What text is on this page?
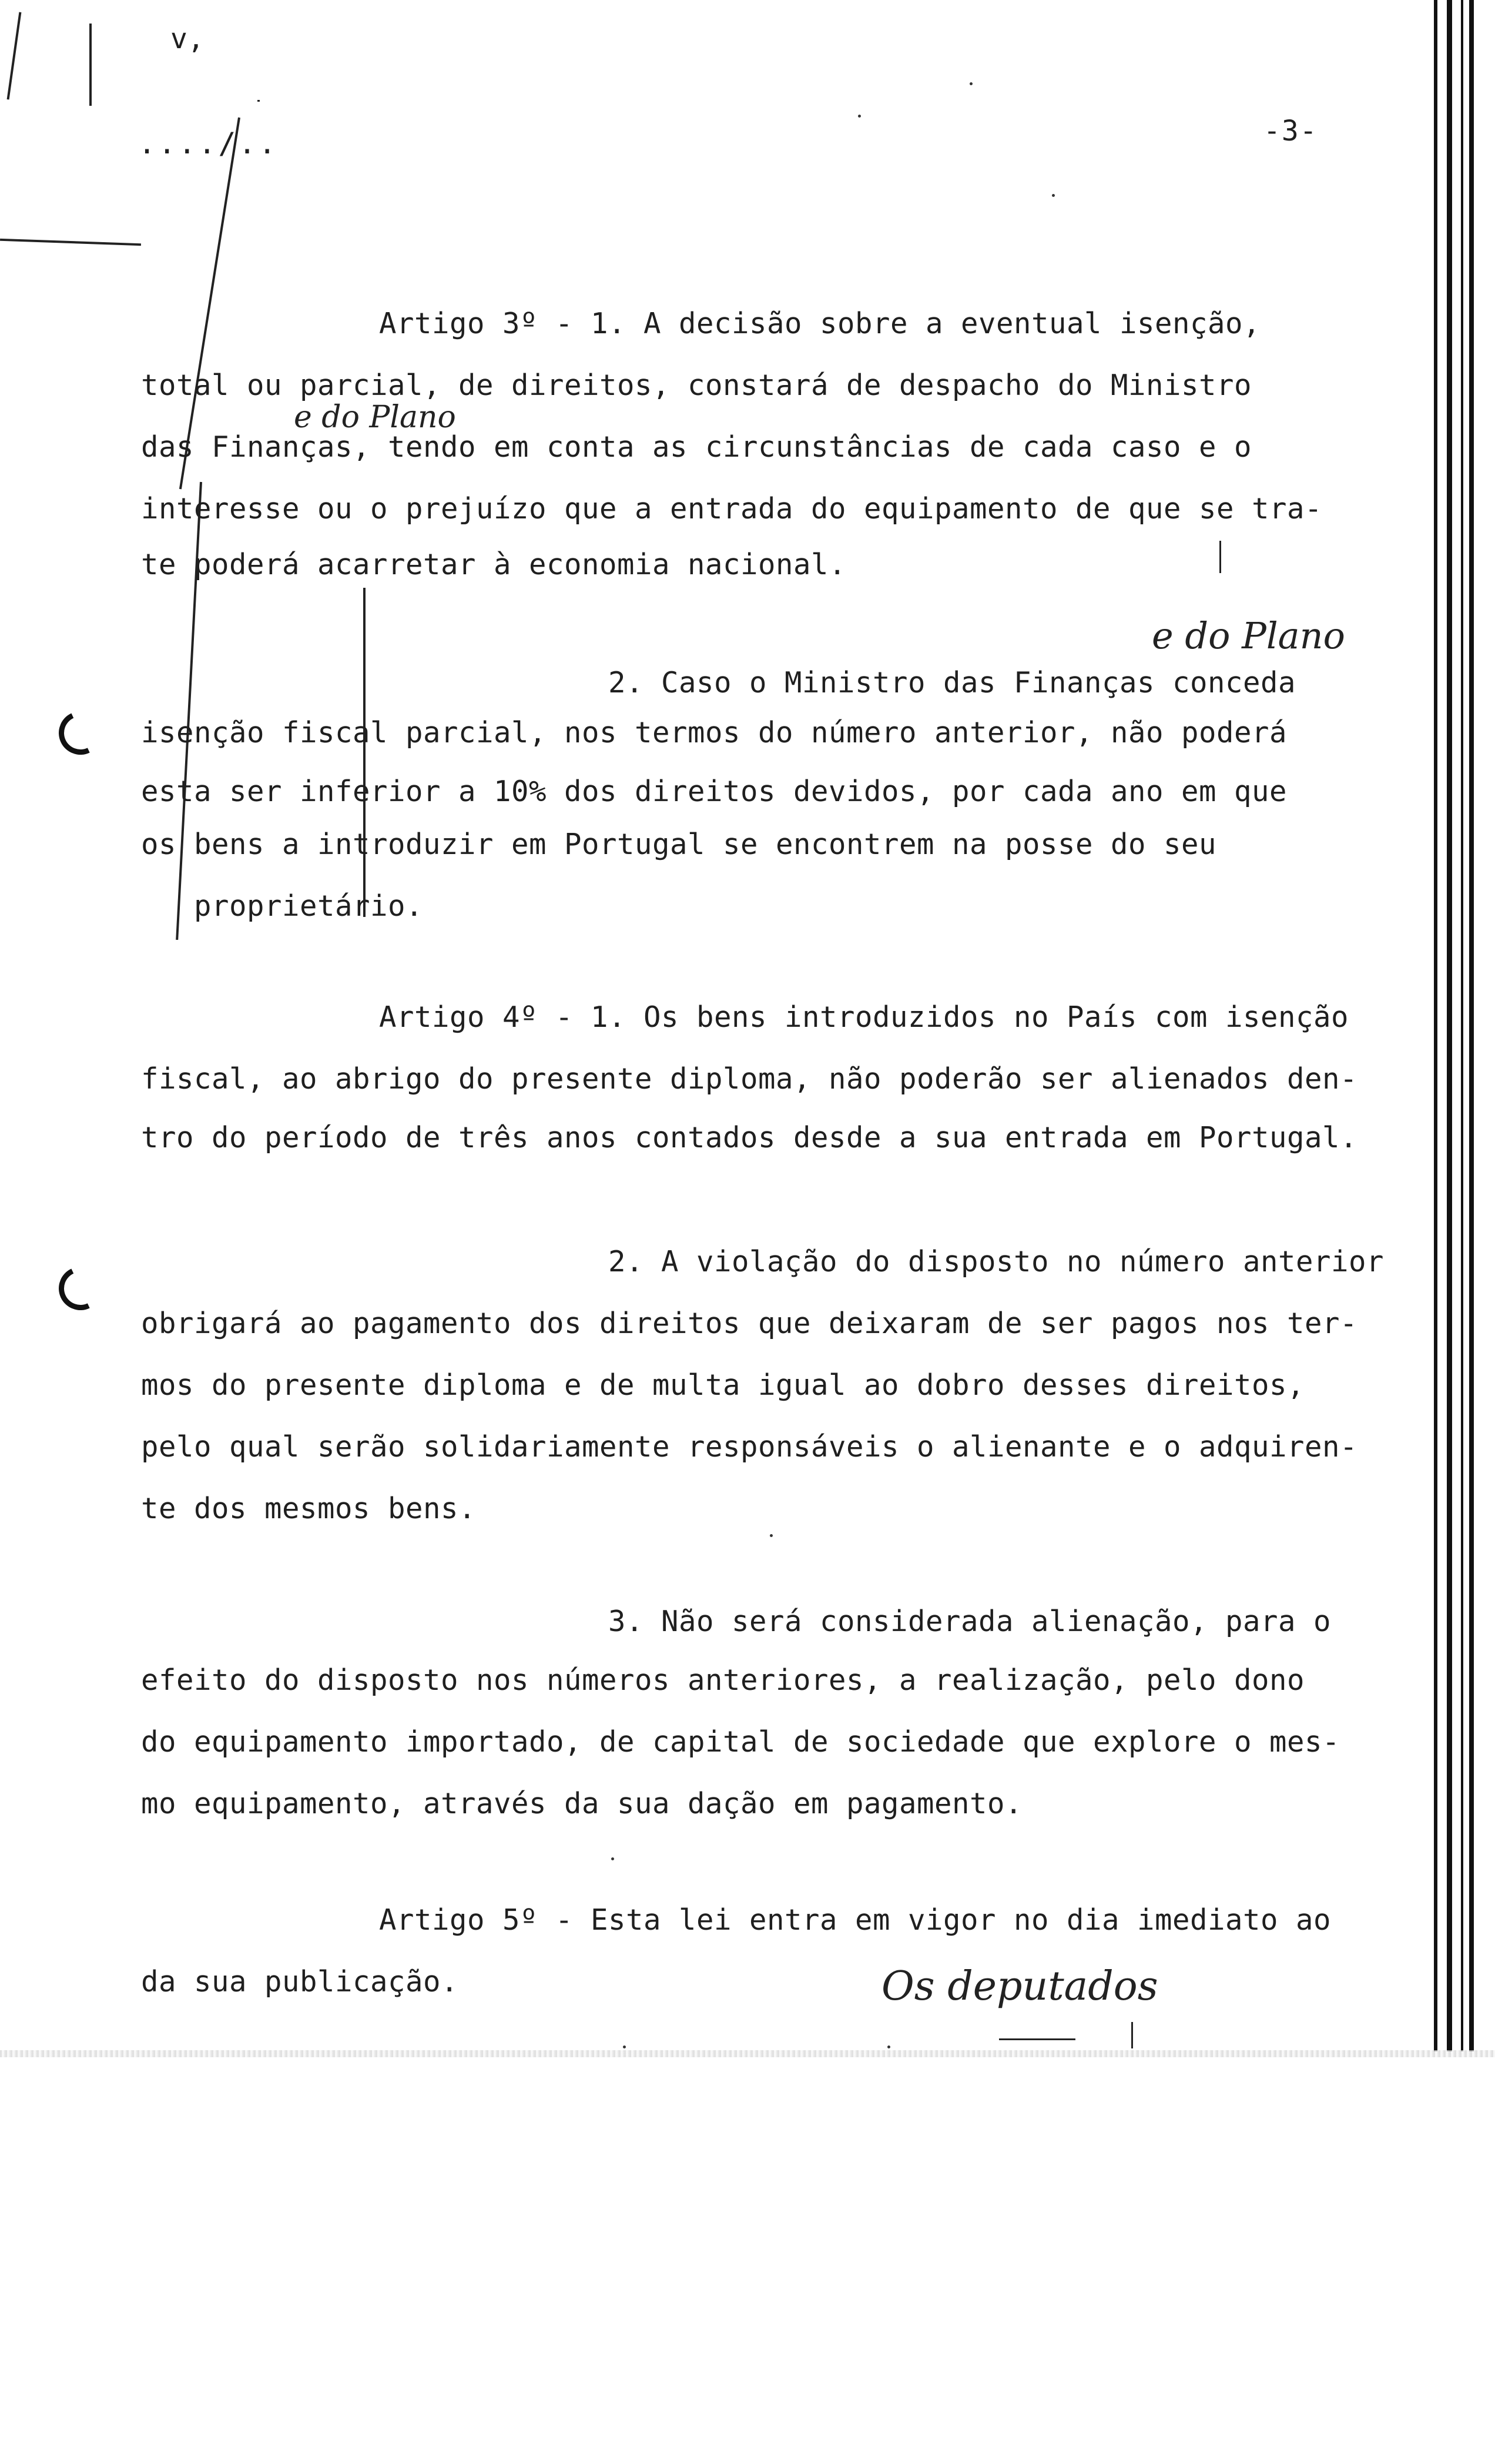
v,
-3-
..../..
Artigo 3º - 1. A decisão sobre a eventual isenção,
total ou parcial, de direitos, constará de despacho do Ministro
das Finanças, tendo em conta as circunstâncias de cada caso e o
interesse ou o prejuízo que a entrada do equipamento de que se tra-
te poderá acarretar à economia nacional.
2. Caso o Ministro das Finanças conceda
isenção fiscal parcial, nos termos do número anterior, não poderá
esta ser inferior a 10% dos direitos devidos, por cada ano em que
os bens a introduzir em Portugal se encontrem na posse do seu
proprietário.
Artigo 4º - 1. Os bens introduzidos no País com isenção
fiscal, ao abrigo do presente diploma, não poderão ser alienados den-
tro do período de três anos contados desde a sua entrada em Portugal.
2. A violação do disposto no número anterior
obrigará ao pagamento dos direitos que deixaram de ser pagos nos ter-
mos do presente diploma e de multa igual ao dobro desses direitos,
pelo qual serão solidariamente responsáveis o alienante e o adquiren-
te dos mesmos bens.
3. Não será considerada alienação, para o
efeito do disposto nos números anteriores, a realização, pelo dono
do equipamento importado, de capital de sociedade que explore o mes-
mo equipamento, através da sua dação em pagamento.
Artigo 5º - Esta lei entra em vigor no dia imediato ao
da sua publicação.
e do Plano
e do Plano
Os deputados
